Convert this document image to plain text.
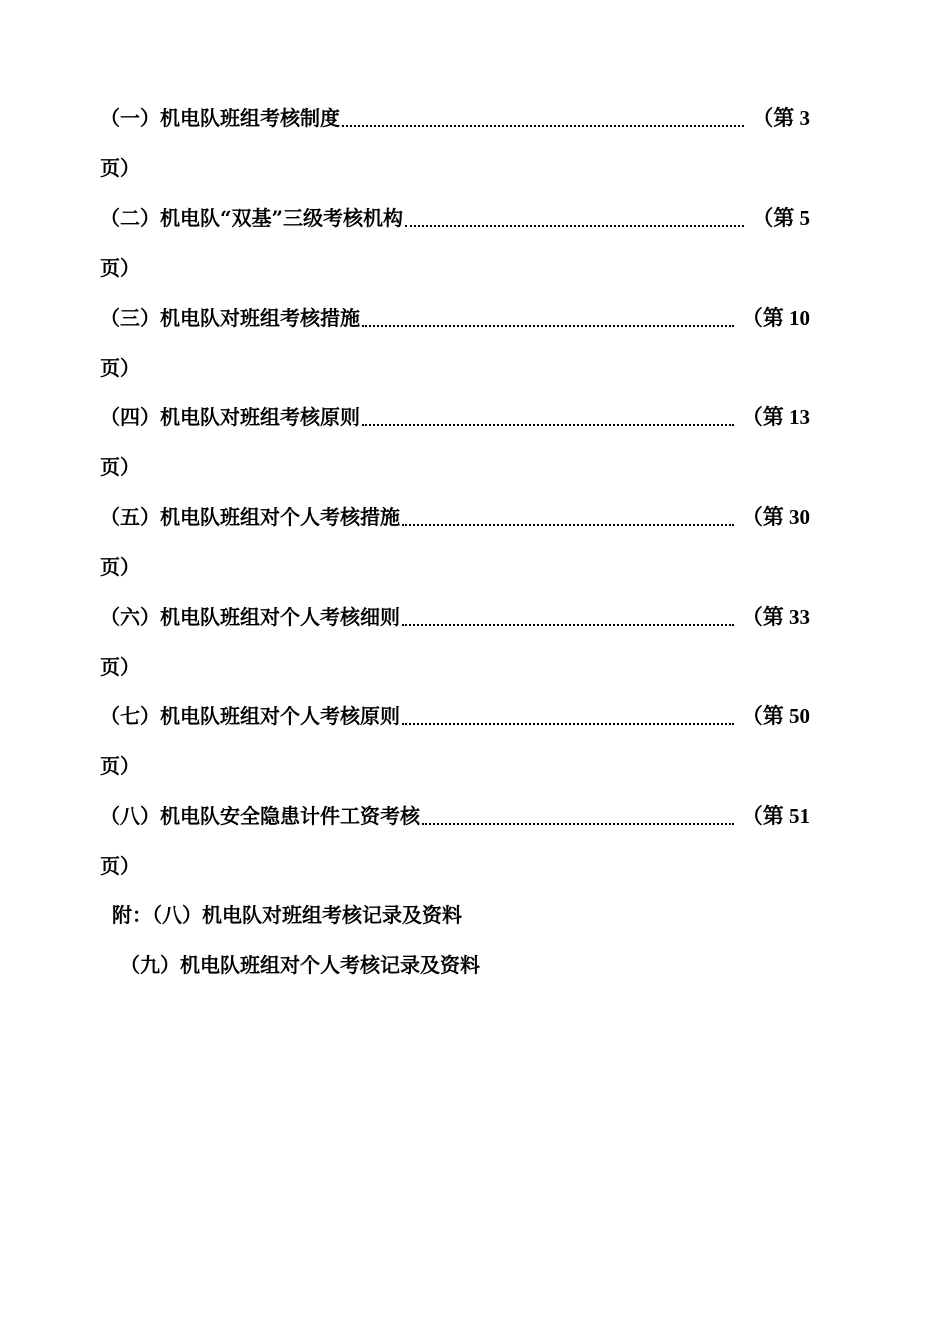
（一）机电队班组考核制度	（第 3
页）
（二）机电队“双基”三级考核机构	（第 5
页）
（三）机电队对班组考核措施	（第 10
页）
（四）机电队对班组考核原则	（第 13
页）
（五）机电队班组对个人考核措施	（第 30
页）
（六）机电队班组对个人考核细则	（第 33
页）
（七）机电队班组对个人考核原则	（第 50
页）
（八）机电队安全隐患计件工资考核	（第 51
页）
附：（八）机电队对班组考核记录及资料
（九）机电队班组对个人考核记录及资料
